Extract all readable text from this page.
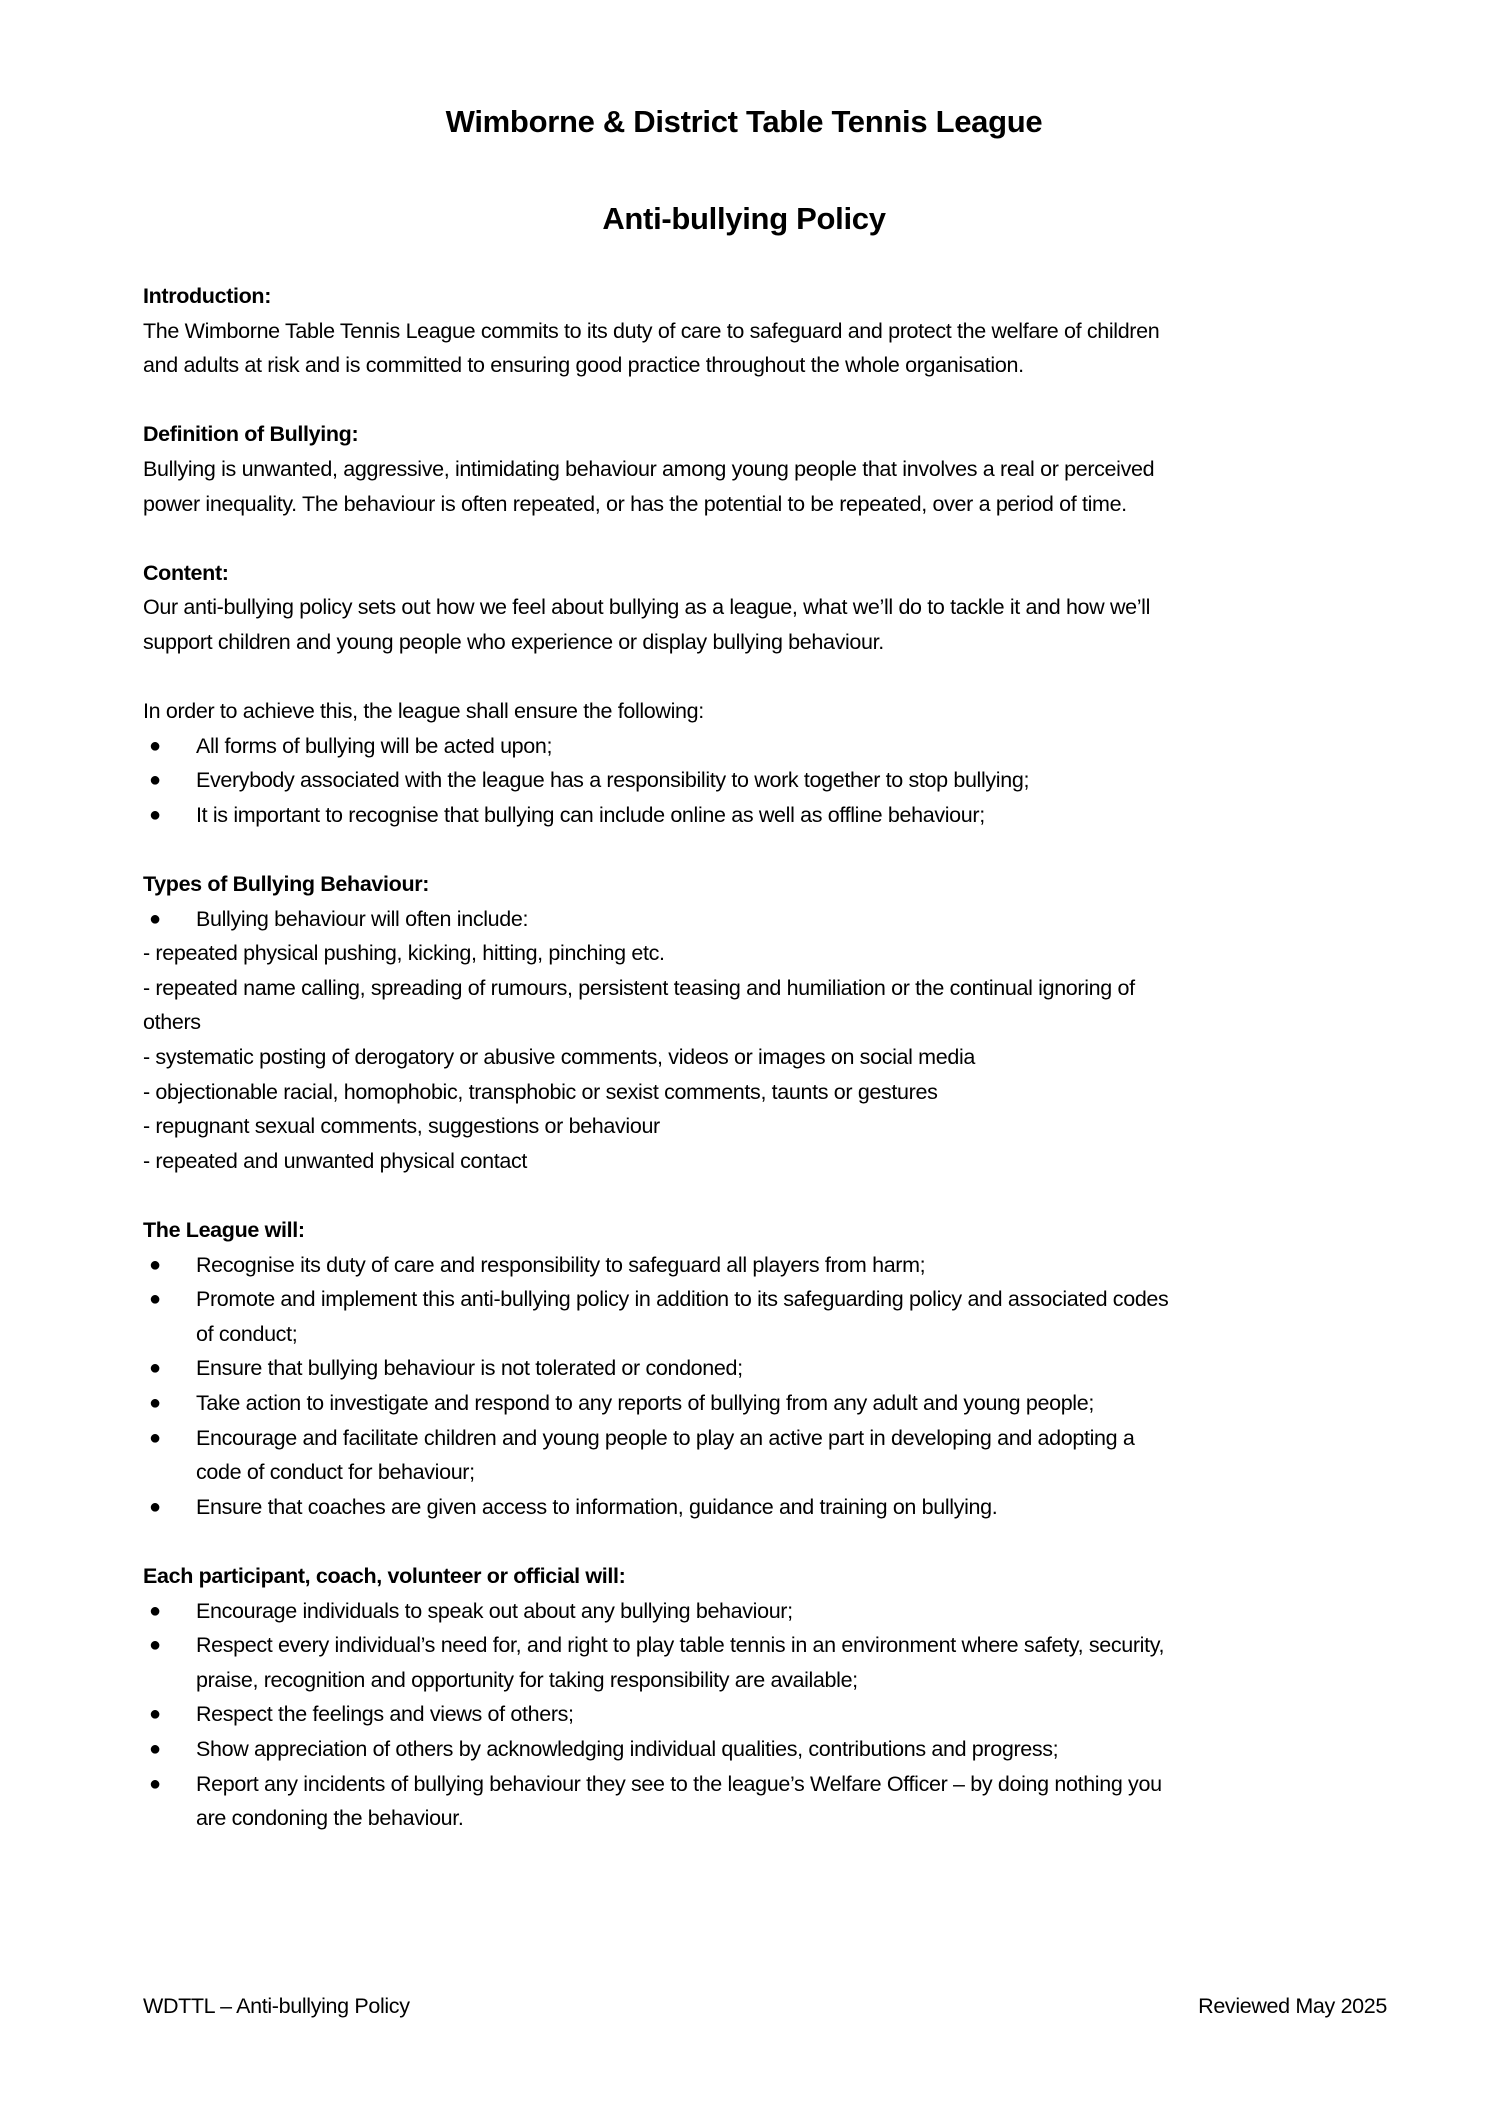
Wimborne & District Table Tennis League
Anti-bullying Policy
Introduction:
The Wimborne Table Tennis League commits to its duty of care to safeguard and protect the welfare of children
and adults at risk and is committed to ensuring good practice throughout the whole organisation.
Definition of Bullying:
Bullying is unwanted, aggressive, intimidating behaviour among young people that involves a real or perceived
power inequality. The behaviour is often repeated, or has the potential to be repeated, over a period of time.
Content:
Our anti-bullying policy sets out how we feel about bullying as a league, what we’ll do to tackle it and how we’ll
support children and young people who experience or display bullying behaviour.
In order to achieve this, the league shall ensure the following:
● All forms of bullying will be acted upon;
● Everybody associated with the league has a responsibility to work together to stop bullying;
● It is important to recognise that bullying can include online as well as offline behaviour;
Types of Bullying Behaviour:
● Bullying behaviour will often include:
- repeated physical pushing, kicking, hitting, pinching etc.
- repeated name calling, spreading of rumours, persistent teasing and humiliation or the continual ignoring of
others
- systematic posting of derogatory or abusive comments, videos or images on social media
- objectionable racial, homophobic, transphobic or sexist comments, taunts or gestures
- repugnant sexual comments, suggestions or behaviour
- repeated and unwanted physical contact
The League will:
● Recognise its duty of care and responsibility to safeguard all players from harm;
● Promote and implement this anti-bullying policy in addition to its safeguarding policy and associated codes
of conduct;
● Ensure that bullying behaviour is not tolerated or condoned;
● Take action to investigate and respond to any reports of bullying from any adult and young people;
● Encourage and facilitate children and young people to play an active part in developing and adopting a
code of conduct for behaviour;
● Ensure that coaches are given access to information, guidance and training on bullying.
Each participant, coach, volunteer or official will:
● Encourage individuals to speak out about any bullying behaviour;
● Respect every individual’s need for, and right to play table tennis in an environment where safety, security,
praise, recognition and opportunity for taking responsibility are available;
● Respect the feelings and views of others;
● Show appreciation of others by acknowledging individual qualities, contributions and progress;
● Report any incidents of bullying behaviour they see to the league’s Welfare Officer – by doing nothing you
are condoning the behaviour.
WDTTL – Anti-bullying Policy	Reviewed May 2025
